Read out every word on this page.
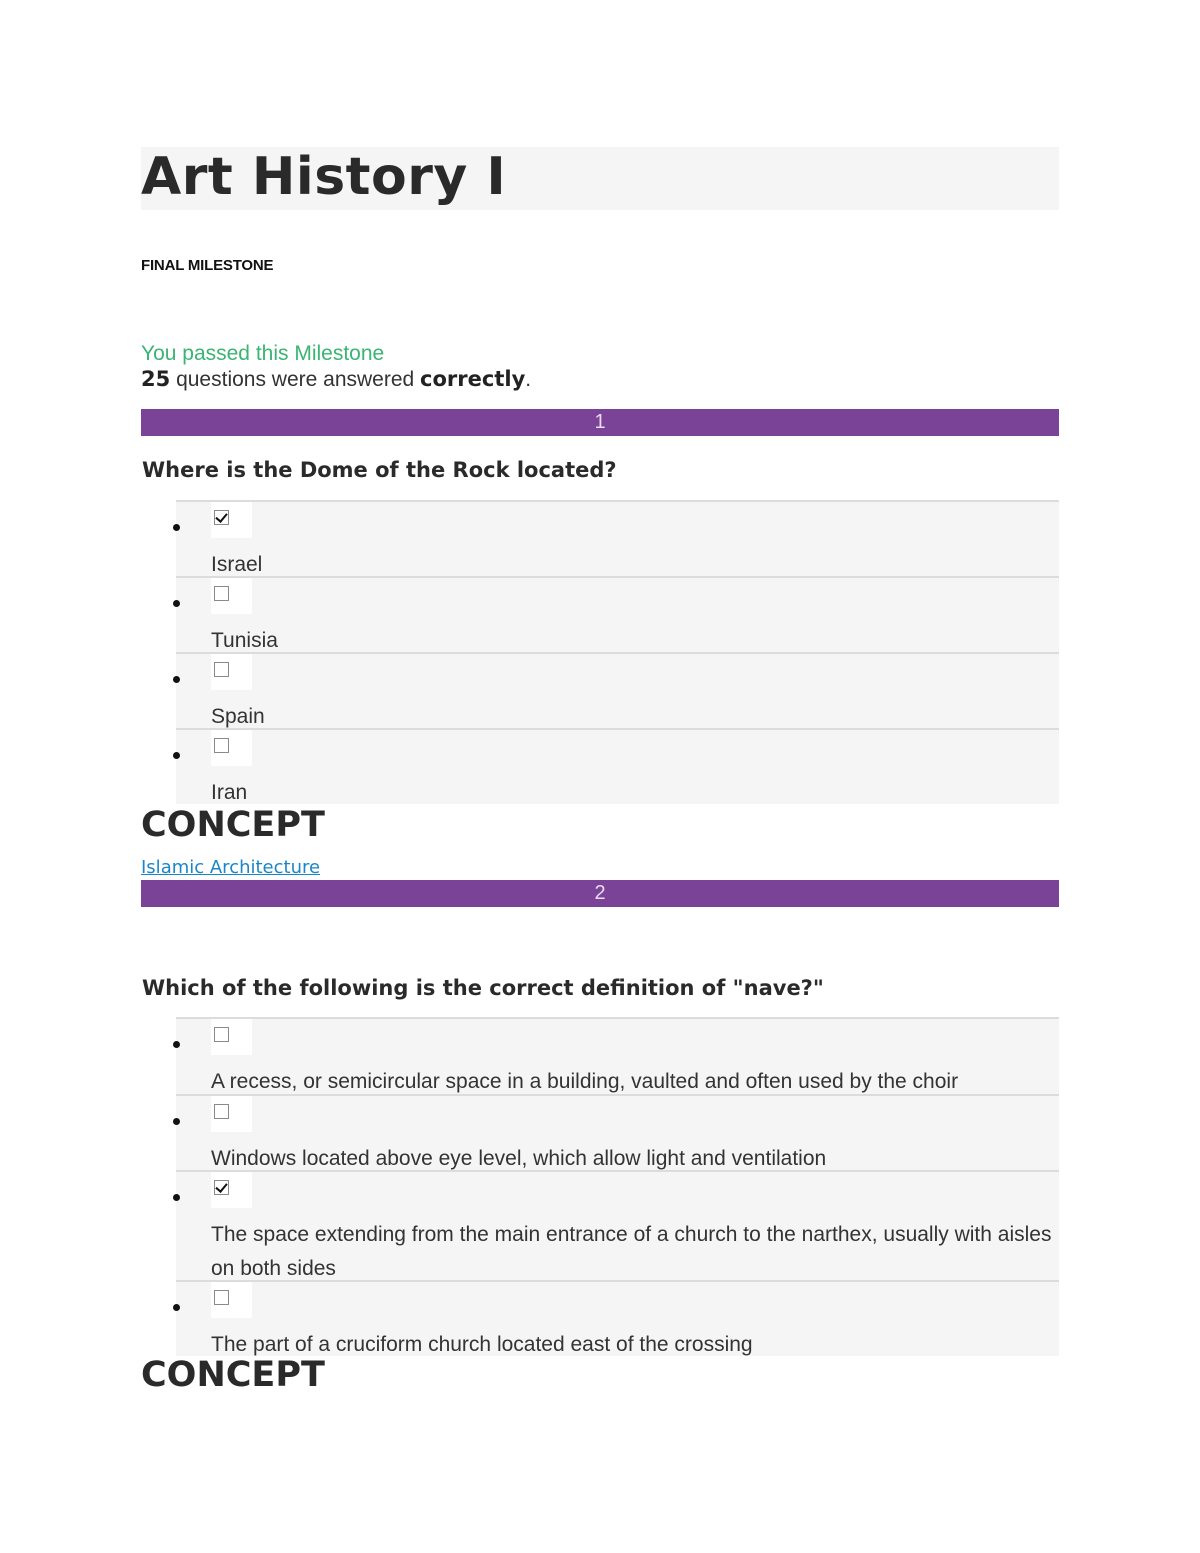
Art History I
FINAL MILESTONE
You passed this Milestone
25 questions were answered correctly.
1
Where is the Dome of the Rock located?
Israel
Tunisia
Spain
Iran
CONCEPT
Islamic Architecture
2
Which of the following is the correct definition of "nave?"
A recess, or semicircular space in a building, vaulted and often used by the choir
Windows located above eye level, which allow light and ventilation
The space extending from the main entrance of a church to the narthex, usually with aisles on both sides
The part of a cruciform church located east of the crossing
CONCEPT
